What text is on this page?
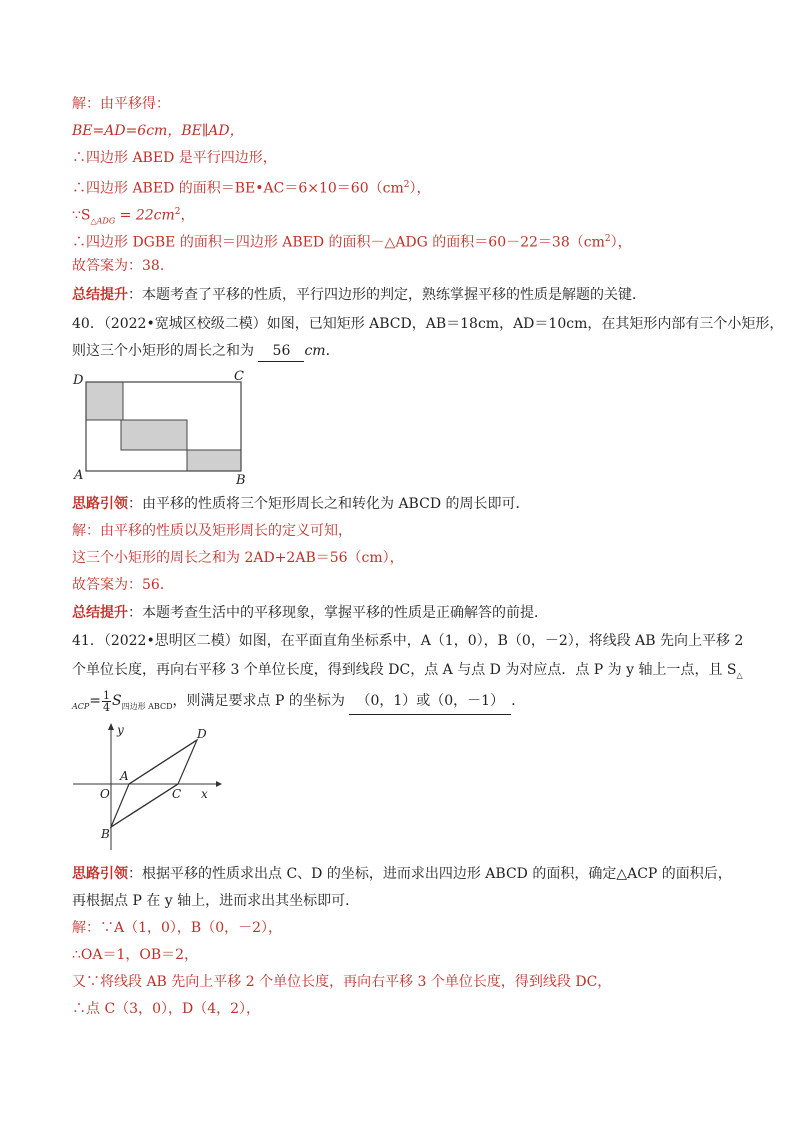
解：由平移得：
BE=AD=6cm，BE∥AD，
∴四边形 ABED 是平行四边形，
∴四边形 ABED 的面积$=BE•AC=6\times 10=60(cm^2)$，
$\because S_{\triangle ADG} = 22cm^2$，
∴四边形 DGBE 的面积＝四边形 ABED 的面积－△ADG 的面积$=60-22=38(cm^2)$，
故答案为：38.
总结提升：本题考查了平移的性质，平行四边形的判定，熟练掌握平移的性质是解题的关键．
40．（2022•宽城区校级二模）如图，已知矩形 ABCD，AB＝18cm，AD＝10cm，在其矩形内部有三个小矩形，
则这三个小矩形的周长之和为 56 cm．
D	C
A	B
思路引领：由平移的性质将三个矩形周长之和转化为 ABCD 的周长即可．
解：由平移的性质以及矩形周长的定义可知，
这三个小矩形的周长之和为 2AD+2AB＝56（cm），
故答案为：56．
总结提升：本题考查生活中的平移现象，掌握平移的性质是正确解答的前提．
41．（2022•思明区二模）如图，在平面直角坐标系中，A（1，0），B（0，－2），将线段 AB 先向上平移 2
个单位长度，再向右平移 3 个单位长度，得到线段 DC，点 A 与点 D 为对应点．点 P 为 y 轴上一点，且 $S_\triangle$
$_{ACP}= \frac{1}{4} S_{四边形 ABCD}$，则满足要求点 P 的坐标为 （0，1）或（0，－1） ．
y
x
O
A
B
C
D
思路引领：根据平移的性质求出点 C、D 的坐标，进而求出四边形 ABCD 的面积，确定△ACP 的面积后，
再根据点 P 在 y 轴上，进而求出其坐标即可．
解：∵A（1，0），B（0，－2），
∴OA＝1，OB＝2，
又∵将线段 AB 先向上平移 2 个单位长度，再向右平移 3 个单位长度，得到线段 DC，
∴点 C（3，0），D（4，2），
